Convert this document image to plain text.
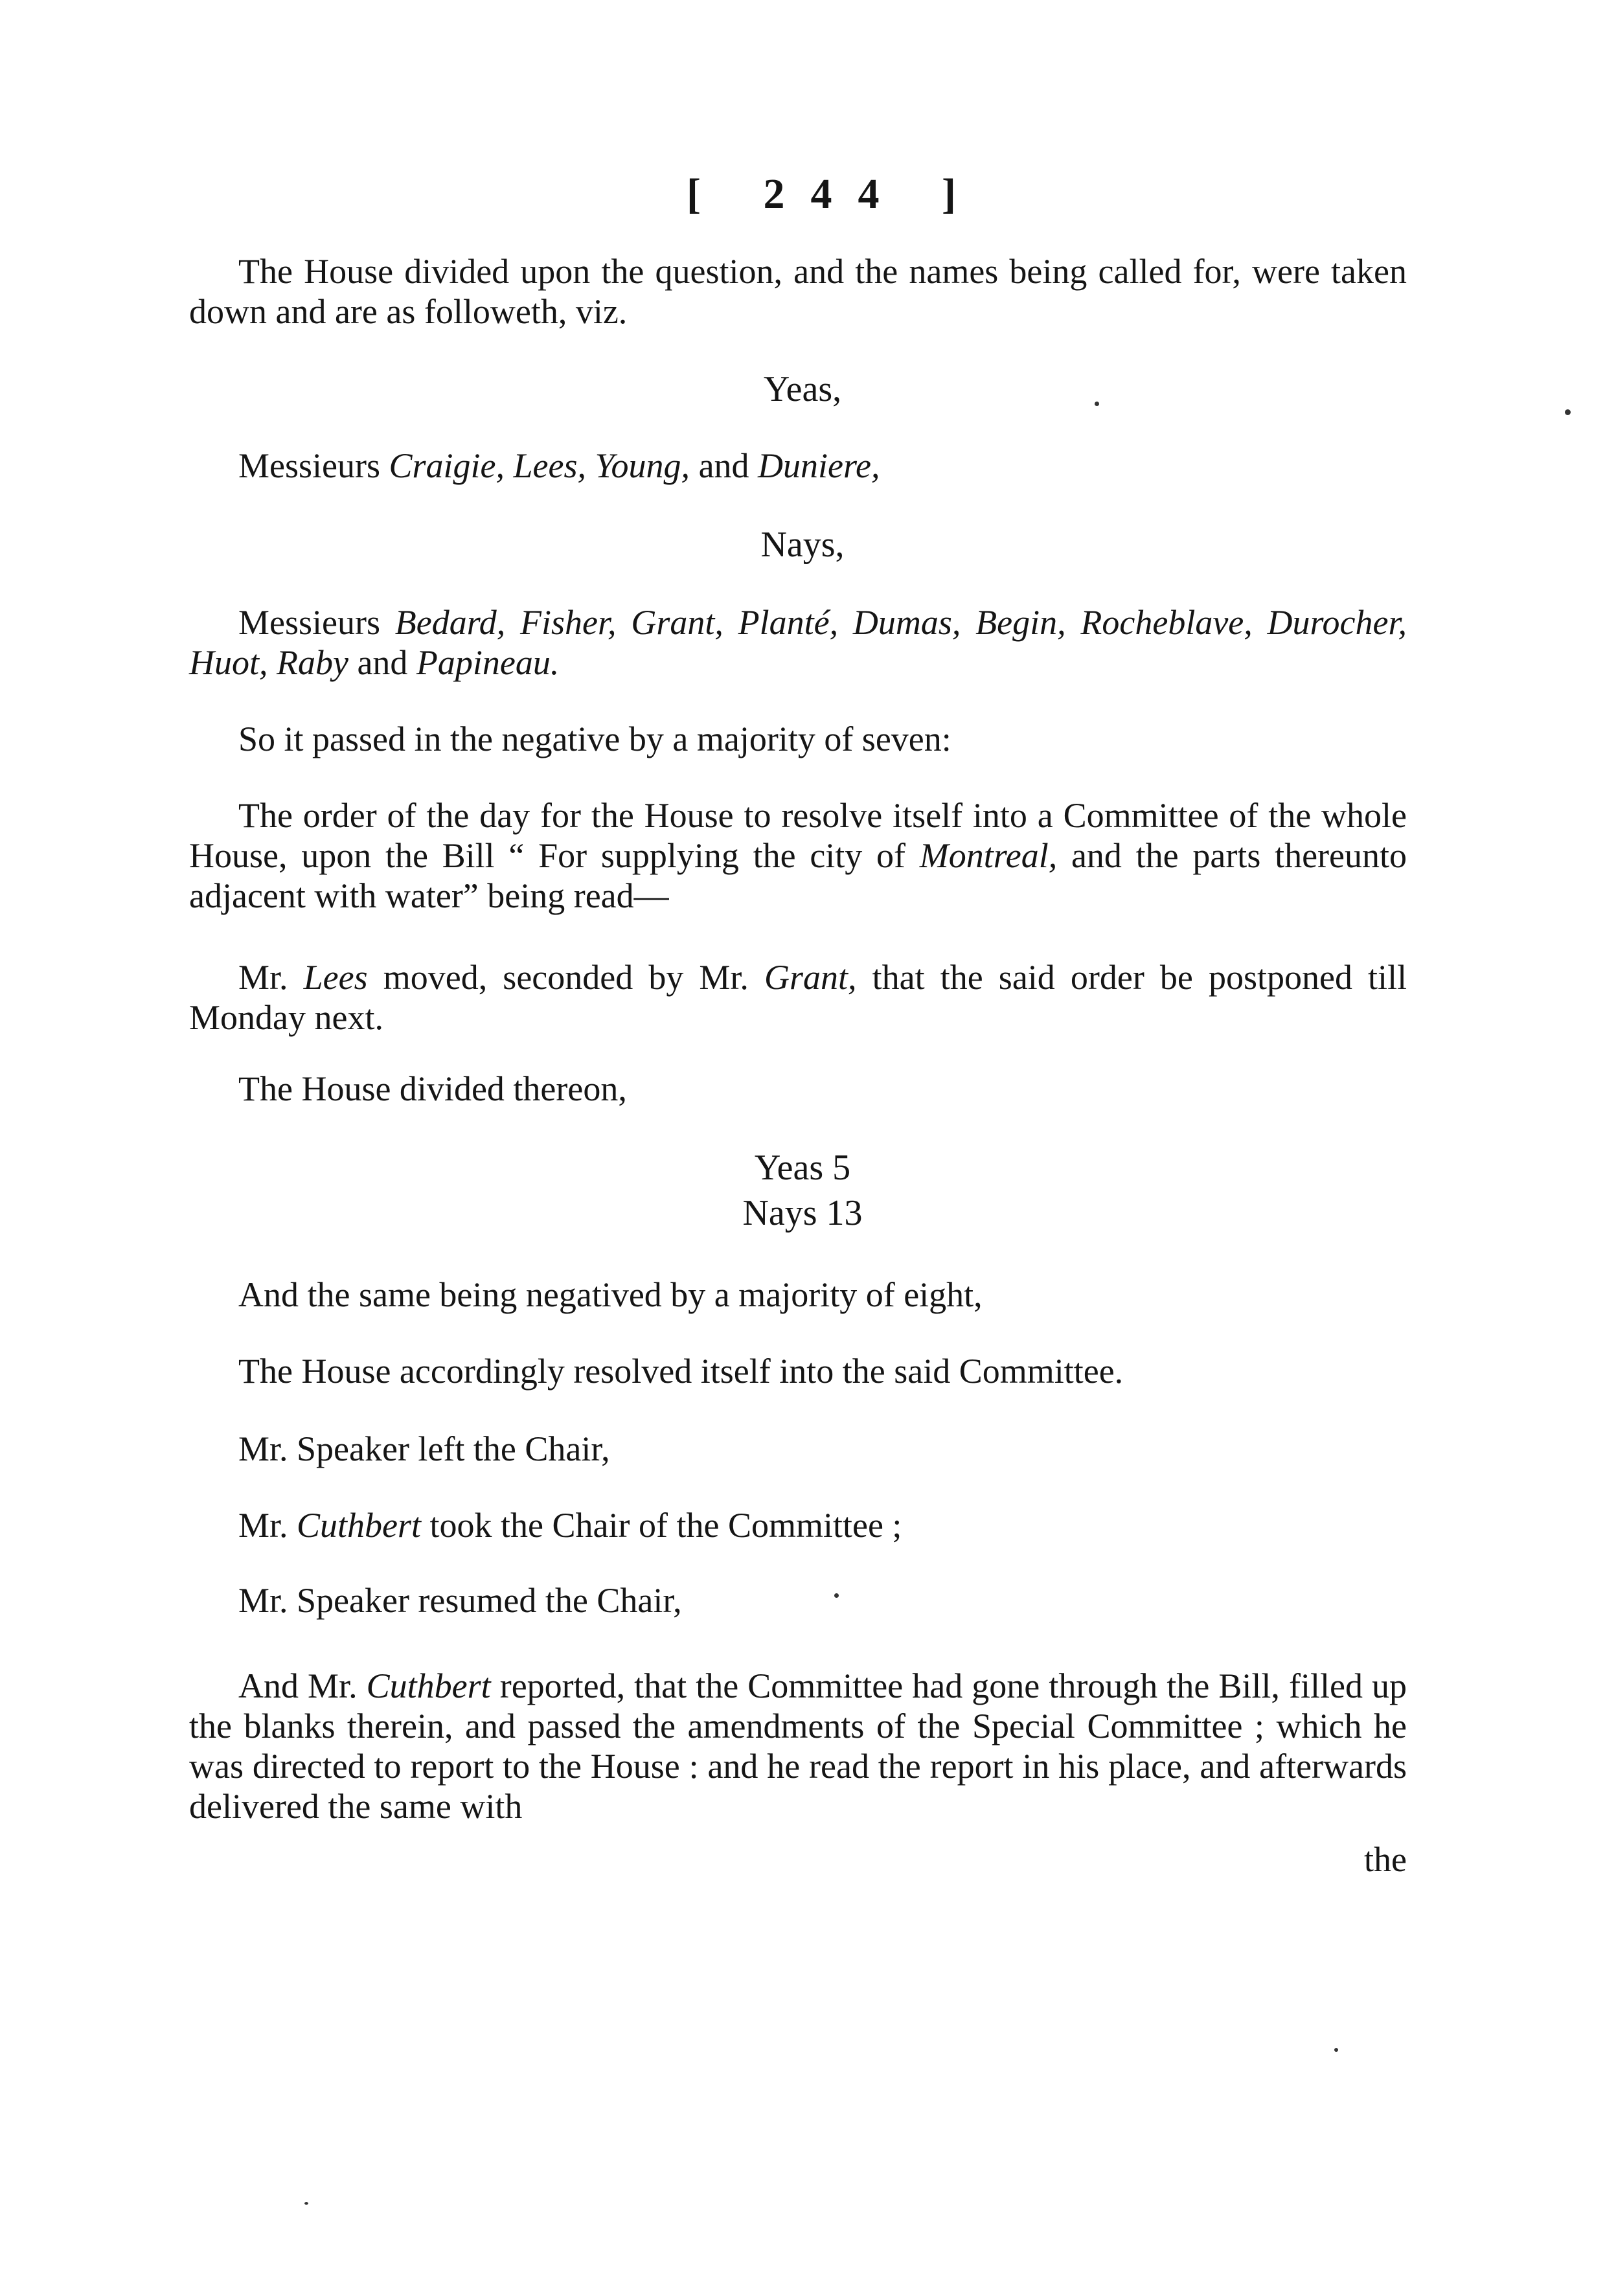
[ 244 ]

The House divided upon the question, and the names being called for, were taken down and are as followeth, viz.

Yeas,

Messieurs Craigie, Lees, Young, and Duniere,

Nays,

Messieurs Bedard, Fisher, Grant, Planté, Dumas, Begin, Rocheblave, Durocher, Huot, Raby and Papineau.

So it passed in the negative by a majority of seven:

The order of the day for the House to resolve itself into a Committee of the whole House, upon the Bill “ For supplying the city of Montreal, and the parts thereunto adjacent with water” being read—

Mr. Lees moved, seconded by Mr. Grant, that the said order be postponed till Monday next.

The House divided thereon,

Yeas 5
Nays 13

And the same being negatived by a majority of eight,

The House accordingly resolved itself into the said Committee.

Mr. Speaker left the Chair,

Mr. Cuthbert took the Chair of the Committee ;

Mr. Speaker resumed the Chair,

And Mr. Cuthbert reported, that the Committee had gone through the Bill, filled up the blanks therein, and passed the amendments of the Special Committee ; which he was directed to report to the House : and he read the report in his place, and afterwards delivered the same with

the
